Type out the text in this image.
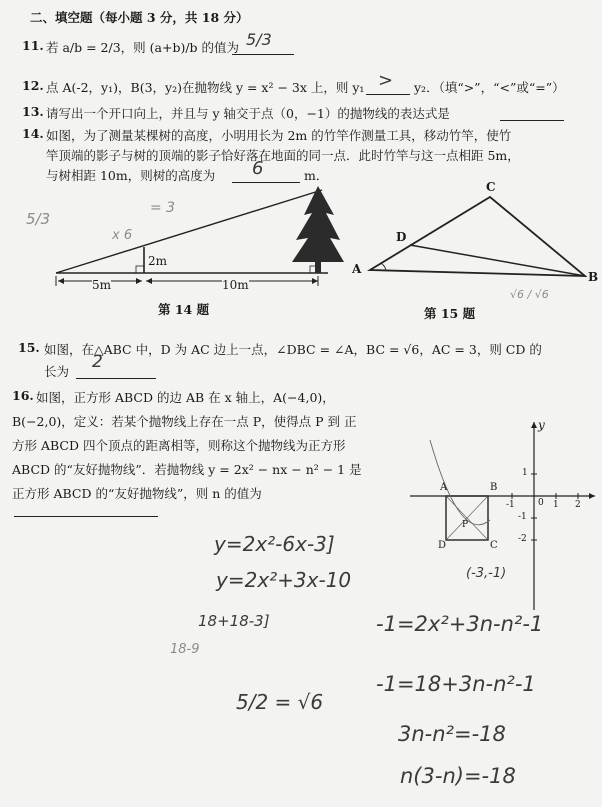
二、填空题（每小题 3 分，共 18 分）
11. 若 a/b = 2/3，则 (a+b)/b 的值为 5/3
12. 点 A(-2，y₁)，B(3，y₂)在抛物线 y = x² − 3x 上，则 y₁ > y₂．（填“>”，“<”或“=”）
13. 请写出一个开口向上，并且与 y 轴交于点（0，−1）的抛物线的表达式是
14. 如图，为了测量某棵树的高度，小明用长为 2m 的竹竿作测量工具，移动竹竿，使竹
竿顶端的影子与树的顶端的影子恰好落在地面的同一点．此时竹竿与这一点相距 5m，
与树相距 10m，则树的高度为 6	m．
2m
5m	10m
第 14 题
A
B
C
D
第 15 题
15. 如图，在△ABC 中，D 为 AC 边上一点，∠DBC = ∠A，BC = √6，AC = 3，则 CD 的
长为 2
16. 如图，正方形 ABCD 的边 AB 在 x 轴上，A(−4,0)，
B(−2,0)，定义：若某个抛物线上存在一点 P，使得点 P 到 正
方形 ABCD 四个顶点的距离相等，则称这个抛物线为正方形
ABCD 的“友好抛物线”．若抛物线 y = 2x² − nx − n² − 1 是
正方形 ABCD 的“友好抛物线”，则 n 的值为
y
A	B
C
D
P
0
-1	1 2
1
-1
-2
5/3
= 3
x 6
√6 / √6
(-3,-1)
y=2x²-6x-3]
y=2x²+3x-10
18+18-3]
18-9
-1=2x²+3n-n²-1
-1=18+3n-n²-1
3n-n²=-18
n(3-n)=-18
5/2 = √6
